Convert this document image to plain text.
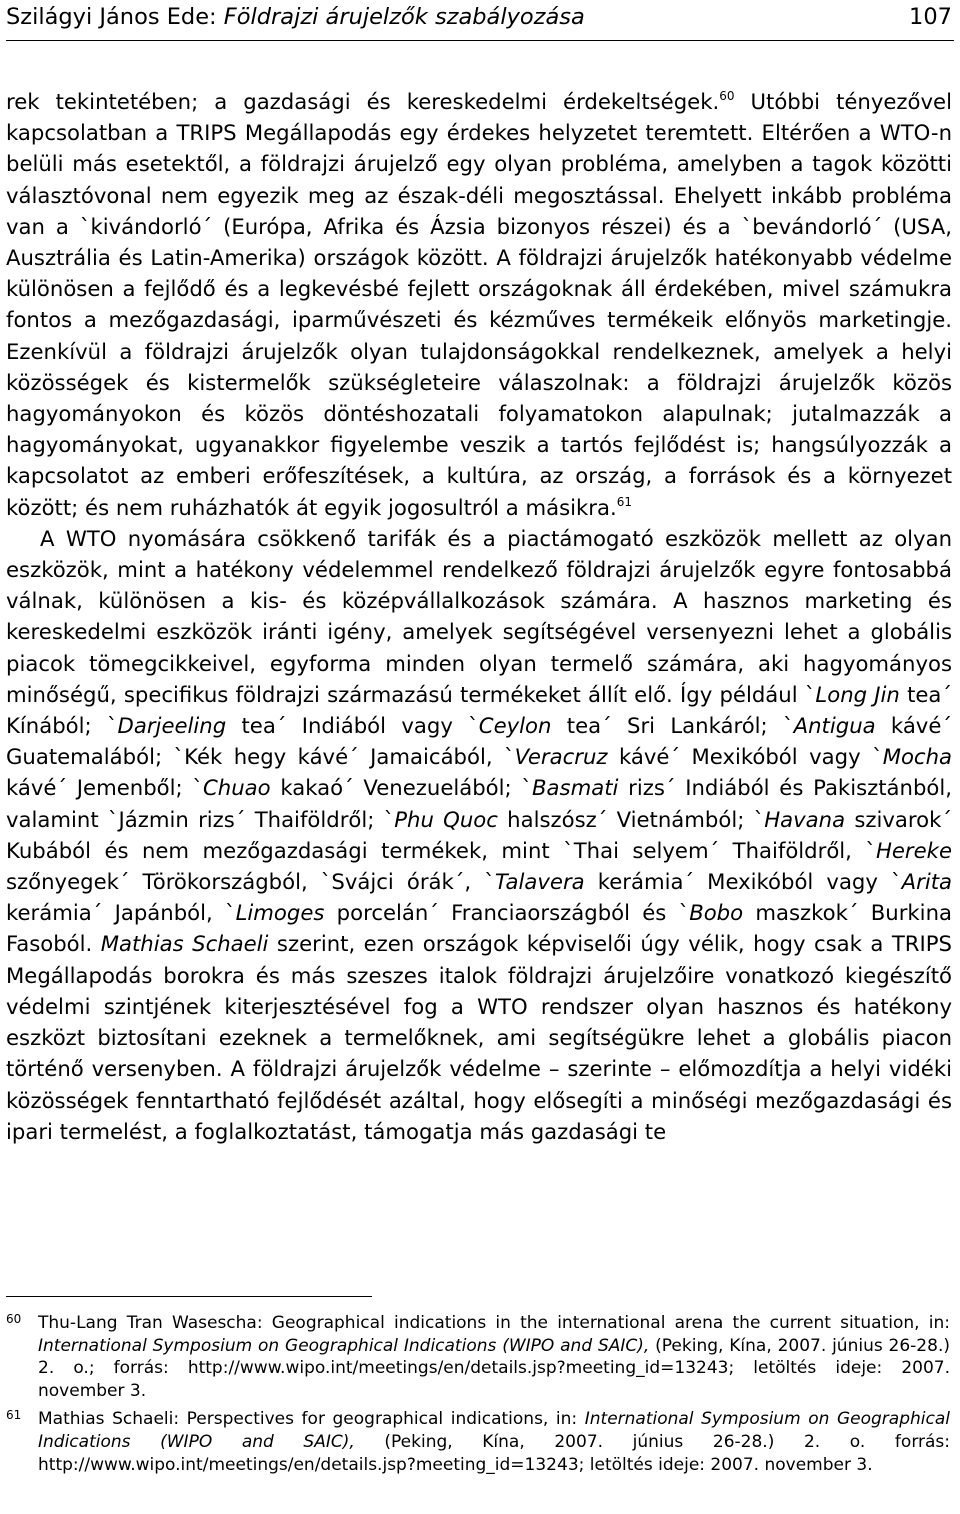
Szilágyi János Ede: Földrajzi árujelzők szabályozása	107

rek tekintetében; a gazdasági és kereskedelmi érdekeltségek.$^{60}$ Utóbbi tényezővel kapcsolatban a TRIPS Megállapodás egy érdekes helyzetet teremtett. Eltérően a WTO-n belüli más esetektől, a földrajzi árujelző egy olyan probléma, amelyben a tagok közötti választóvonal nem egyezik meg az észak-déli megosztással. Ehelyett inkább probléma van a `kivándorló´ (Európa, Afrika és Ázsia bizonyos részei) és a `bevándorló´ (USA, Ausztrália és Latin-Amerika) országok között. A földrajzi árujelzők hatékonyabb védelme különösen a fejlődő és a legkevésbé fejlett országoknak áll érdekében, mivel számukra fontos a mezőgazdasági, iparművészeti és kézműves termékeik előnyös marketingje. Ezenkívül a földrajzi árujelzők olyan tulajdonságokkal rendelkeznek, amelyek a helyi közösségek és kistermelők szükségleteire válaszolnak: a földrajzi árujelzők közös hagyományokon és közös döntéshozatali folyamatokon alapulnak; jutalmazzák a hagyományokat, ugyanakkor figyelembe veszik a tartós fejlődést is; hangsúlyozzák a kapcsolatot az emberi erőfeszítések, a kultúra, az ország, a források és a környezet között; és nem ruházhatók át egyik jogosultról a másikra.$^{61}$

A WTO nyomására csökkenő tarifák és a piactámogató eszközök mellett az olyan eszközök, mint a hatékony védelemmel rendelkező földrajzi árujelzők egyre fontosabbá válnak, különösen a kis- és középvállalkozások számára. A hasznos marketing és kereskedelmi eszközök iránti igény, amelyek segítségével versenyezni lehet a globális piacok tömegcikkeivel, egyforma minden olyan termelő számára, aki hagyományos minőségű, specifikus földrajzi származású termékeket állít elő. Így például `Long Jin tea´ Kínából; `Darjeeling tea´ Indiából vagy `Ceylon tea´ Sri Lankáról; `Antigua kávé´ Guatemalából; `Kék hegy kávé´ Jamaicából, `Veracruz kávé´ Mexikóból vagy `Mocha kávé´ Jemenből; `Chuao kakaó´ Venezuelából; `Basmati rizs´ Indiából és Pakisztánból, valamint `Jázmin rizs´ Thaiföldről; `Phu Quoc halszósz´ Vietnámból; `Havana szivarok´ Kubából és nem mezőgazdasági termékek, mint `Thai selyem´ Thaiföldről, `Hereke szőnyegek´ Törökországból, `Svájci órák´, `Talavera kerámia´ Mexikóból vagy `Arita kerámia´ Japánból, `Limoges porcelán´ Franciaországból és `Bobo maszkok´ Burkina Fasoból. Mathias Schaeli szerint, ezen országok képviselői úgy vélik, hogy csak a TRIPS Megállapodás borokra és más szeszes italok földrajzi árujelzőire vonatkozó kiegészítő védelmi szintjének kiterjesztésével fog a WTO rendszer olyan hasznos és hatékony eszközt biztosítani ezeknek a termelőknek, ami segítségükre lehet a globális piacon történő versenyben. A földrajzi árujelzők védelme – szerinte – előmozdítja a helyi vidéki közösségek fenntartható fejlődését azáltal, hogy elősegíti a minőségi mezőgazdasági és ipari termelést, a foglalkoztatást, támogatja más gazdasági te

60 Thu-Lang Tran Wasescha: Geographical indications in the international arena the current situation, in: International Symposium on Geographical Indications (WIPO and SAIC), (Peking, Kína, 2007. június 26-28.) 2. o.; forrás: http://www.wipo.int/meetings/en/details.jsp?meeting_id=13243; letöltés ideje: 2007. november 3.
61 Mathias Schaeli: Perspectives for geographical indications, in: International Symposium on Geographical Indications (WIPO and SAIC), (Peking, Kína, 2007. június 26-28.) 2. o. forrás: http://www.wipo.int/meetings/en/details.jsp?meeting_id=13243; letöltés ideje: 2007. november 3.
